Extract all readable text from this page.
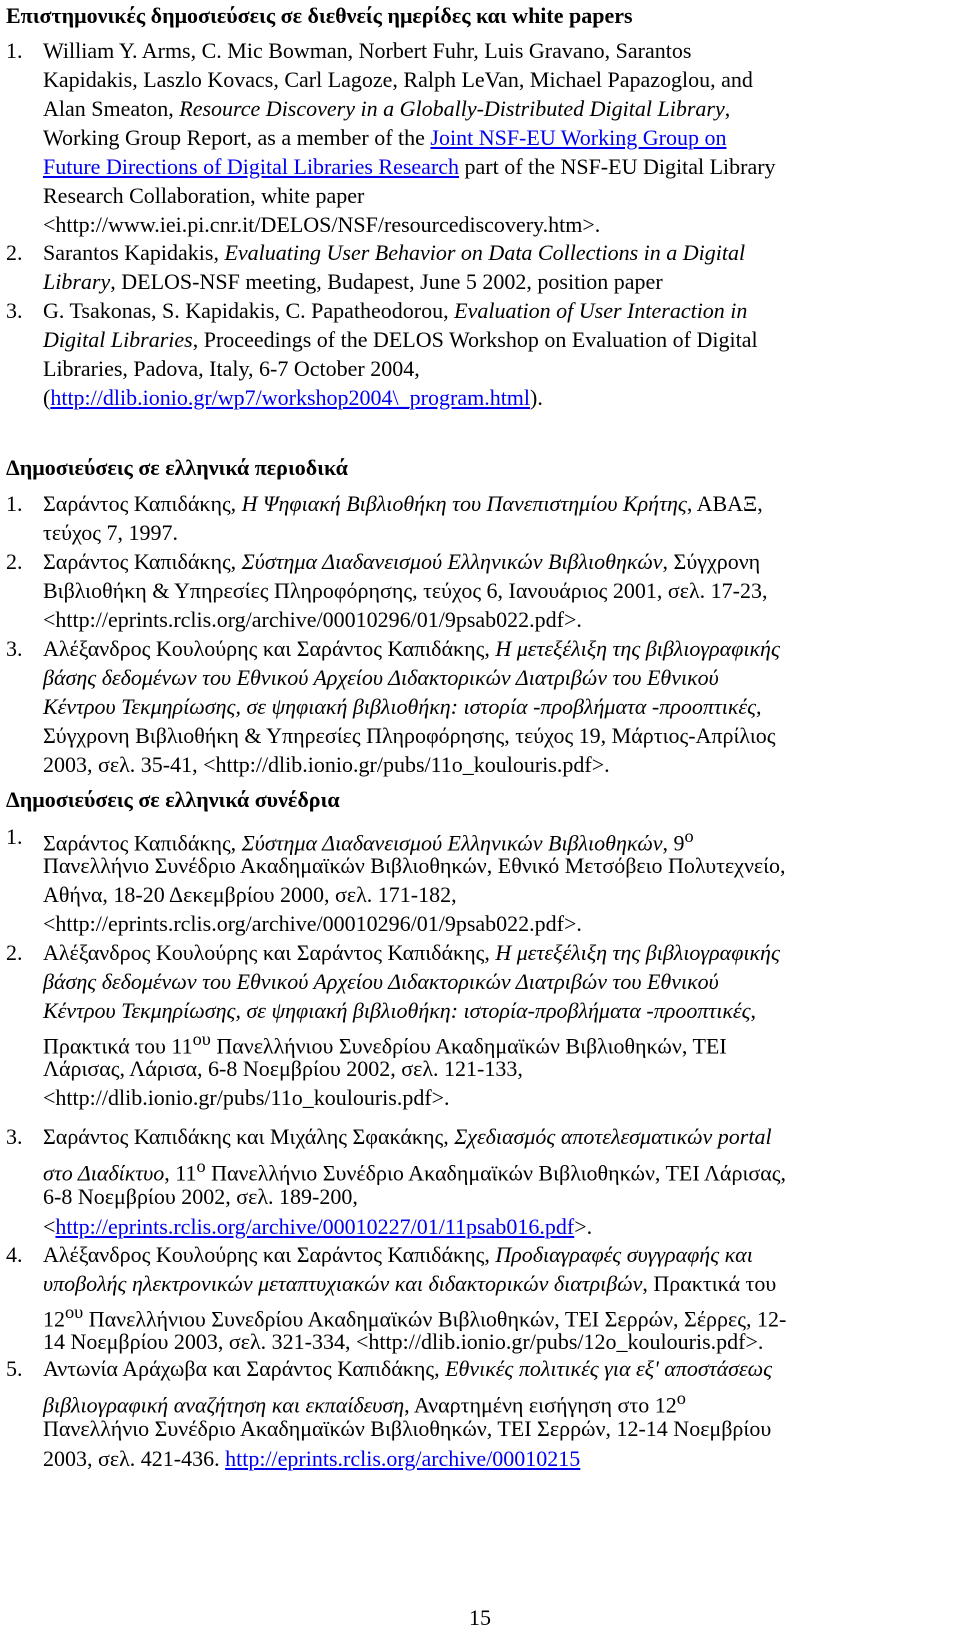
Επιστημονικές δημοσιεύσεις σε διεθνείς ημερίδες και white papers
1. William Y. Arms, C. Mic Bowman, Norbert Fuhr, Luis Gravano, Sarantos
Kapidakis, Laszlo Kovacs, Carl Lagoze, Ralph LeVan, Michael Papazoglou, and
Alan Smeaton, Resource Discovery in a Globally-Distributed Digital Library,
Working Group Report, as a member of the Joint NSF-EU Working Group on
Future Directions of Digital Libraries Research part of the NSF-EU Digital Library
Research Collaboration, white paper
<http://www.iei.pi.cnr.it/DELOS/NSF/resourcediscovery.htm>.
2. Sarantos Kapidakis, Evaluating User Behavior on Data Collections in a Digital
Library, DELOS-NSF meeting, Budapest, June 5 2002, position paper
3. G. Tsakonas, S. Kapidakis, C. Papatheodorou, Evaluation of User Interaction in
Digital Libraries, Proceedings of the DELOS Workshop on Evaluation of Digital
Libraries, Padova, Italy, 6-7 October 2004,
(http://dlib.ionio.gr/wp7/workshop2004\_program.html).
Δημοσιεύσεις σε ελληνικά περιοδικά
1. Σαράντος Καπιδάκης, Η Ψηφιακή Βιβλιοθήκη του Πανεπιστημίου Κρήτης, ΑΒΑΞ,
τεύχος 7, 1997.
2. Σαράντος Καπιδάκης, Σύστημα Διαδανεισμού Ελληνικών Βιβλιοθηκών, Σύγχρονη
Βιβλιοθήκη & Υπηρεσίες Πληροφόρησης, τεύχος 6, Ιανουάριος 2001, σελ. 17-23,
<http://eprints.rclis.org/archive/00010296/01/9psab022.pdf>.
3. Αλέξανδρος Κουλούρης και Σαράντος Καπιδάκης, Η μετεξέλιξη της βιβλιογραφικής
βάσης δεδομένων του Εθνικού Αρχείου Διδακτορικών Διατριβών του Εθνικού
Κέντρου Τεκμηρίωσης, σε ψηφιακή βιβλιοθήκη: ιστορία -προβλήματα -προοπτικές,
Σύγχρονη Βιβλιοθήκη & Υπηρεσίες Πληροφόρησης, τεύχος 19, Μάρτιος-Απρίλιος
2003, σελ. 35-41, <http://dlib.ionio.gr/pubs/11o_koulouris.pdf>.
Δημοσιεύσεις σε ελληνικά συνέδρια
1. Σαράντος Καπιδάκης, Σύστημα Διαδανεισμού Ελληνικών Βιβλιοθηκών, $9^o$
Πανελλήνιο Συνέδριο Ακαδημαϊκών Βιβλιοθηκών, Εθνικό Μετσόβειο Πολυτεχνείο,
Αθήνα, 18-20 Δεκεμβρίου 2000, σελ. 171-182,
<http://eprints.rclis.org/archive/00010296/01/9psab022.pdf>.
2. Αλέξανδρος Κουλούρης και Σαράντος Καπιδάκης, Η μετεξέλιξη της βιβλιογραφικής
βάσης δεδομένων του Εθνικού Αρχείου Διδακτορικών Διατριβών του Εθνικού
Κέντρου Τεκμηρίωσης, σε ψηφιακή βιβλιοθήκη: ιστορία-προβλήματα -προοπτικές,
Πρακτικά του $11^{o\upsilon}$ Πανελλήνιου Συνεδρίου Ακαδημαϊκών Βιβλιοθηκών, ΤΕΙ
Λάρισας, Λάρισα, 6-8 Νοεμβρίου 2002, σελ. 121-133,
<http://dlib.ionio.gr/pubs/11o_koulouris.pdf>.
3. Σαράντος Καπιδάκης και Μιχάλης Σφακάκης, Σχεδιασμός αποτελεσματικών portal
στο Διαδίκτυο, $11^o$ Πανελλήνιο Συνέδριο Ακαδημαϊκών Βιβλιοθηκών, ΤΕΙ Λάρισας,
6-8 Νοεμβρίου 2002, σελ. 189-200,
<http://eprints.rclis.org/archive/00010227/01/11psab016.pdf>.
4. Αλέξανδρος Κουλούρης και Σαράντος Καπιδάκης, Προδιαγραφές συγγραφής και
υποβολής ηλεκτρονικών μεταπτυχιακών και διδακτορικών διατριβών, Πρακτικά του
$12^{o\upsilon}$ Πανελλήνιου Συνεδρίου Ακαδημαϊκών Βιβλιοθηκών, ΤΕΙ Σερρών, Σέρρες, 12-
14 Νοεμβρίου 2003, σελ. 321-334, <http://dlib.ionio.gr/pubs/12o_koulouris.pdf>.
5. Αντωνία Αράχωβα και Σαράντος Καπιδάκης, Εθνικές πολιτικές για εξ' αποστάσεως
βιβλιογραφική αναζήτηση και εκπαίδευση, Αναρτημένη εισήγηση στο $12^o$
Πανελλήνιο Συνέδριο Ακαδημαϊκών Βιβλιοθηκών, ΤΕΙ Σερρών, 12-14 Νοεμβρίου
2003, σελ. 421-436. http://eprints.rclis.org/archive/00010215
15
